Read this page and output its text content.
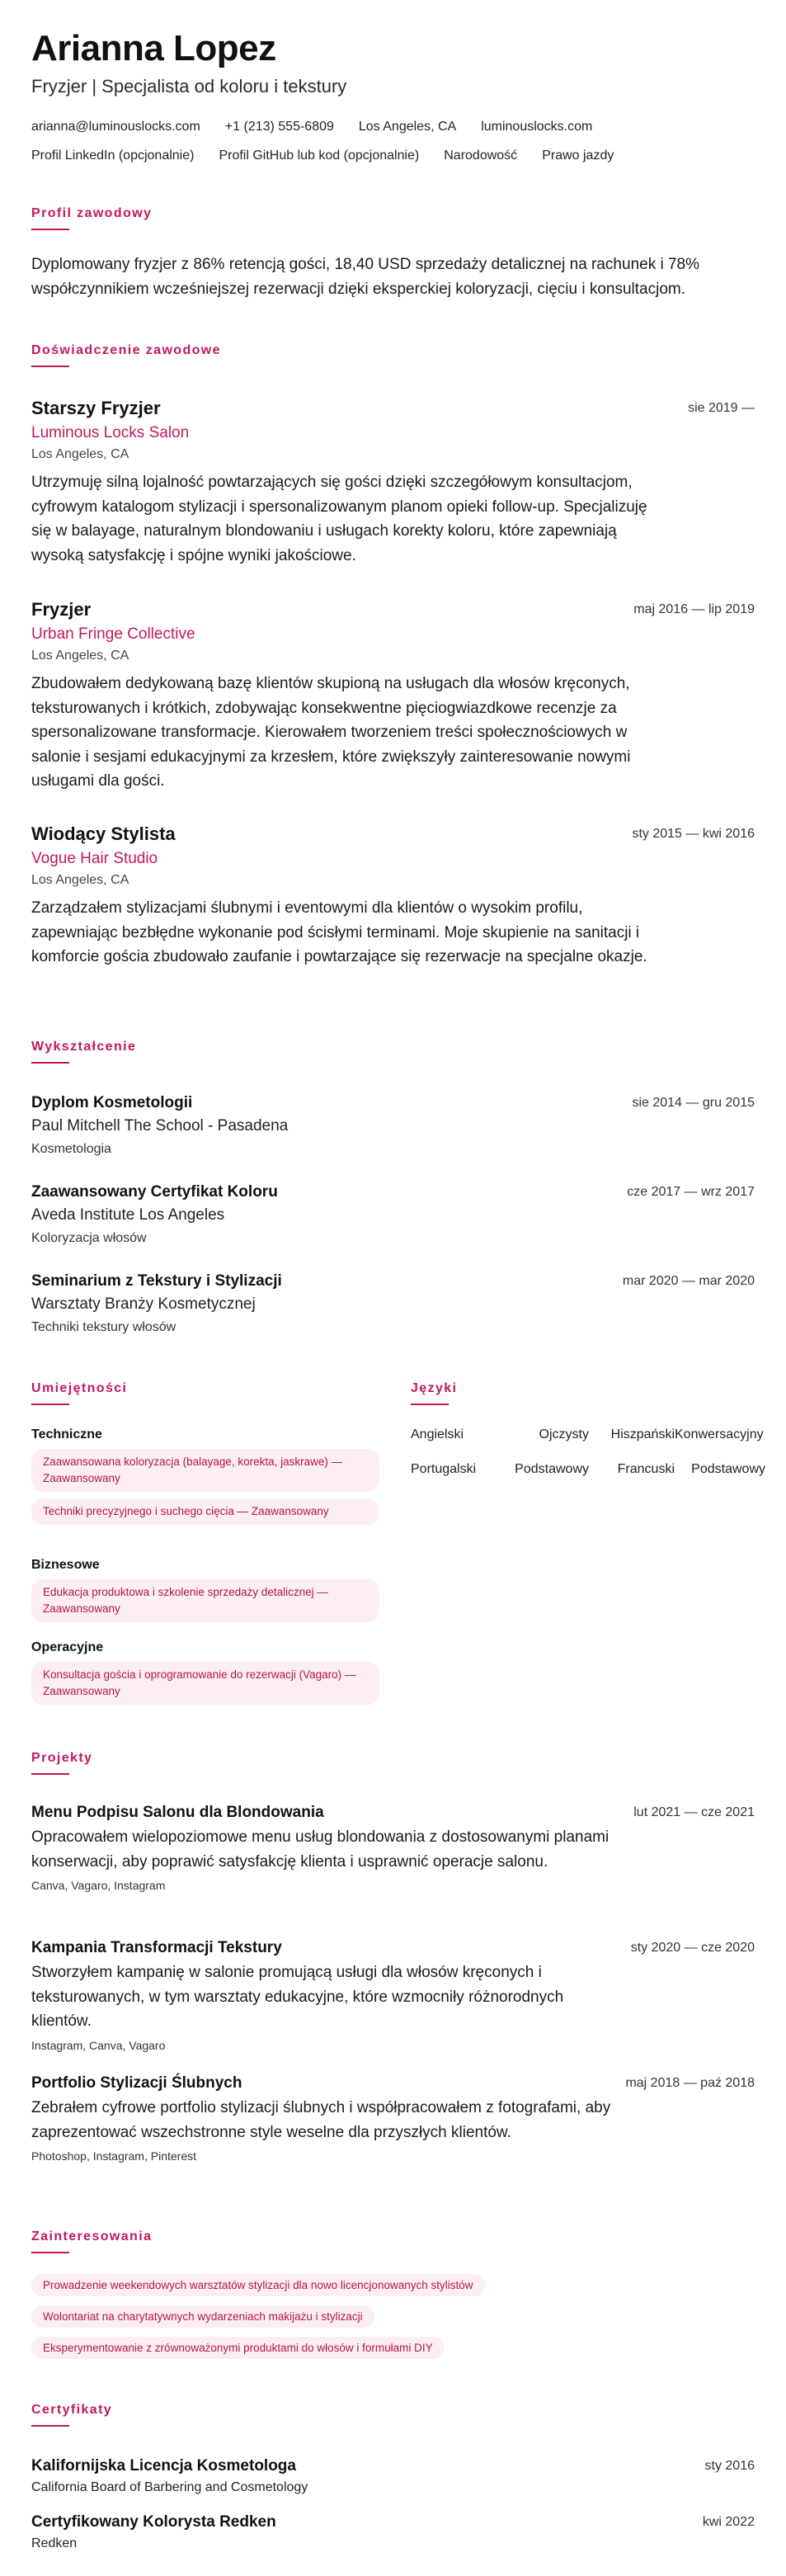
Arianna Lopez
Fryzjer | Specjalista od koloru i tekstury
arianna@luminouslocks.com +1 (213) 555-6809 Los Angeles, CA luminouslocks.com
Profil LinkedIn (opcjonalnie) Profil GitHub lub kod (opcjonalnie) Narodowość Prawo jazdy
Profil zawodowy
Dyplomowany fryzjer z 86% retencją gości, 18,40 USD sprzedaży detalicznej na rachunek i 78% współczynnikiem wcześniejszej rezerwacji dzięki eksperckiej koloryzacji, cięciu i konsultacjom.
Doświadczenie zawodowe
Starszy Fryzjer
Luminous Locks Salon
Los Angeles, CA
Utrzymuję silną lojalność powtarzających się gości dzięki szczegółowym konsultacjom, cyfrowym katalogom stylizacji i spersonalizowanym planom opieki follow-up. Specjalizuję się w balayage, naturalnym blondowaniu i usługach korekty koloru, które zapewniają wysoką satysfakcję i spójne wyniki jakościowe.
sie 2019 —
Fryzjer
Urban Fringe Collective
Los Angeles, CA
Zbudowałem dedykowaną bazę klientów skupioną na usługach dla włosów kręconych, teksturowanych i krótkich, zdobywając konsekwentne pięciogwiazdkowe recenzje za spersonalizowane transformacje. Kierowałem tworzeniem treści społecznościowych w salonie i sesjami edukacyjnymi za krzesłem, które zwiększyły zainteresowanie nowymi usługami dla gości.
maj 2016 — lip 2019
Wiodący Stylista
Vogue Hair Studio
Los Angeles, CA
Zarządzałem stylizacjami ślubnymi i eventowymi dla klientów o wysokim profilu, zapewniając bezbłędne wykonanie pod ścisłymi terminami. Moje skupienie na sanitacji i komforcie gościa zbudowało zaufanie i powtarzające się rezerwacje na specjalne okazje.
sty 2015 — kwi 2016
Wykształcenie
Dyplom Kosmetologii
Paul Mitchell The School - Pasadena
Kosmetologia
sie 2014 — gru 2015
Zaawansowany Certyfikat Koloru
Aveda Institute Los Angeles
Koloryzacja włosów
cze 2017 — wrz 2017
Seminarium z Tekstury i Stylizacji
Warsztaty Branży Kosmetycznej
Techniki tekstury włosów
mar 2020 — mar 2020
Umiejętności
Techniczne
Zaawansowana koloryzacja (balayage, korekta, jaskrawe) — Zaawansowany
Techniki precyzyjnego i suchego cięcia — Zaawansowany
Biznesowe
Edukacja produktowa i szkolenie sprzedaży detalicznej — Zaawansowany
Operacyjne
Konsultacja gościa i oprogramowanie do rezerwacji (Vagaro) — Zaawansowany
Języki
Angielski	Ojczysty	Hiszpański Konwersacyjny
Portugalski	Podstawowy	Francuski	Podstawowy
Projekty
Menu Podpisu Salonu dla Blondowania
Opracowałem wielopoziomowe menu usług blondowania z dostosowanymi planami konserwacji, aby poprawić satysfakcję klienta i usprawnić operacje salonu.
Canva, Vagaro, Instagram
lut 2021 — cze 2021
Kampania Transformacji Tekstury
Stworzyłem kampanię w salonie promującą usługi dla włosów kręconych i teksturowanych, w tym warsztaty edukacyjne, które wzmocniły różnorodnych klientów.
Instagram, Canva, Vagaro
sty 2020 — cze 2020
Portfolio Stylizacji Ślubnych
Zebrałem cyfrowe portfolio stylizacji ślubnych i współpracowałem z fotografami, aby zaprezentować wszechstronne style weselne dla przyszłych klientów.
Photoshop, Instagram, Pinterest
maj 2018 — paź 2018
Zainteresowania
Prowadzenie weekendowych warsztatów stylizacji dla nowo licencjonowanych stylistów
Wolontariat na charytatywnych wydarzeniach makijażu i stylizacji
Eksperymentowanie z zrównoważonymi produktami do włosów i formułami DIY
Certyfikaty
Kalifornijska Licencja Kosmetologa
California Board of Barbering and Cosmetology
sty 2016
Certyfikowany Kolorysta Redken
Redken
kwi 2022
